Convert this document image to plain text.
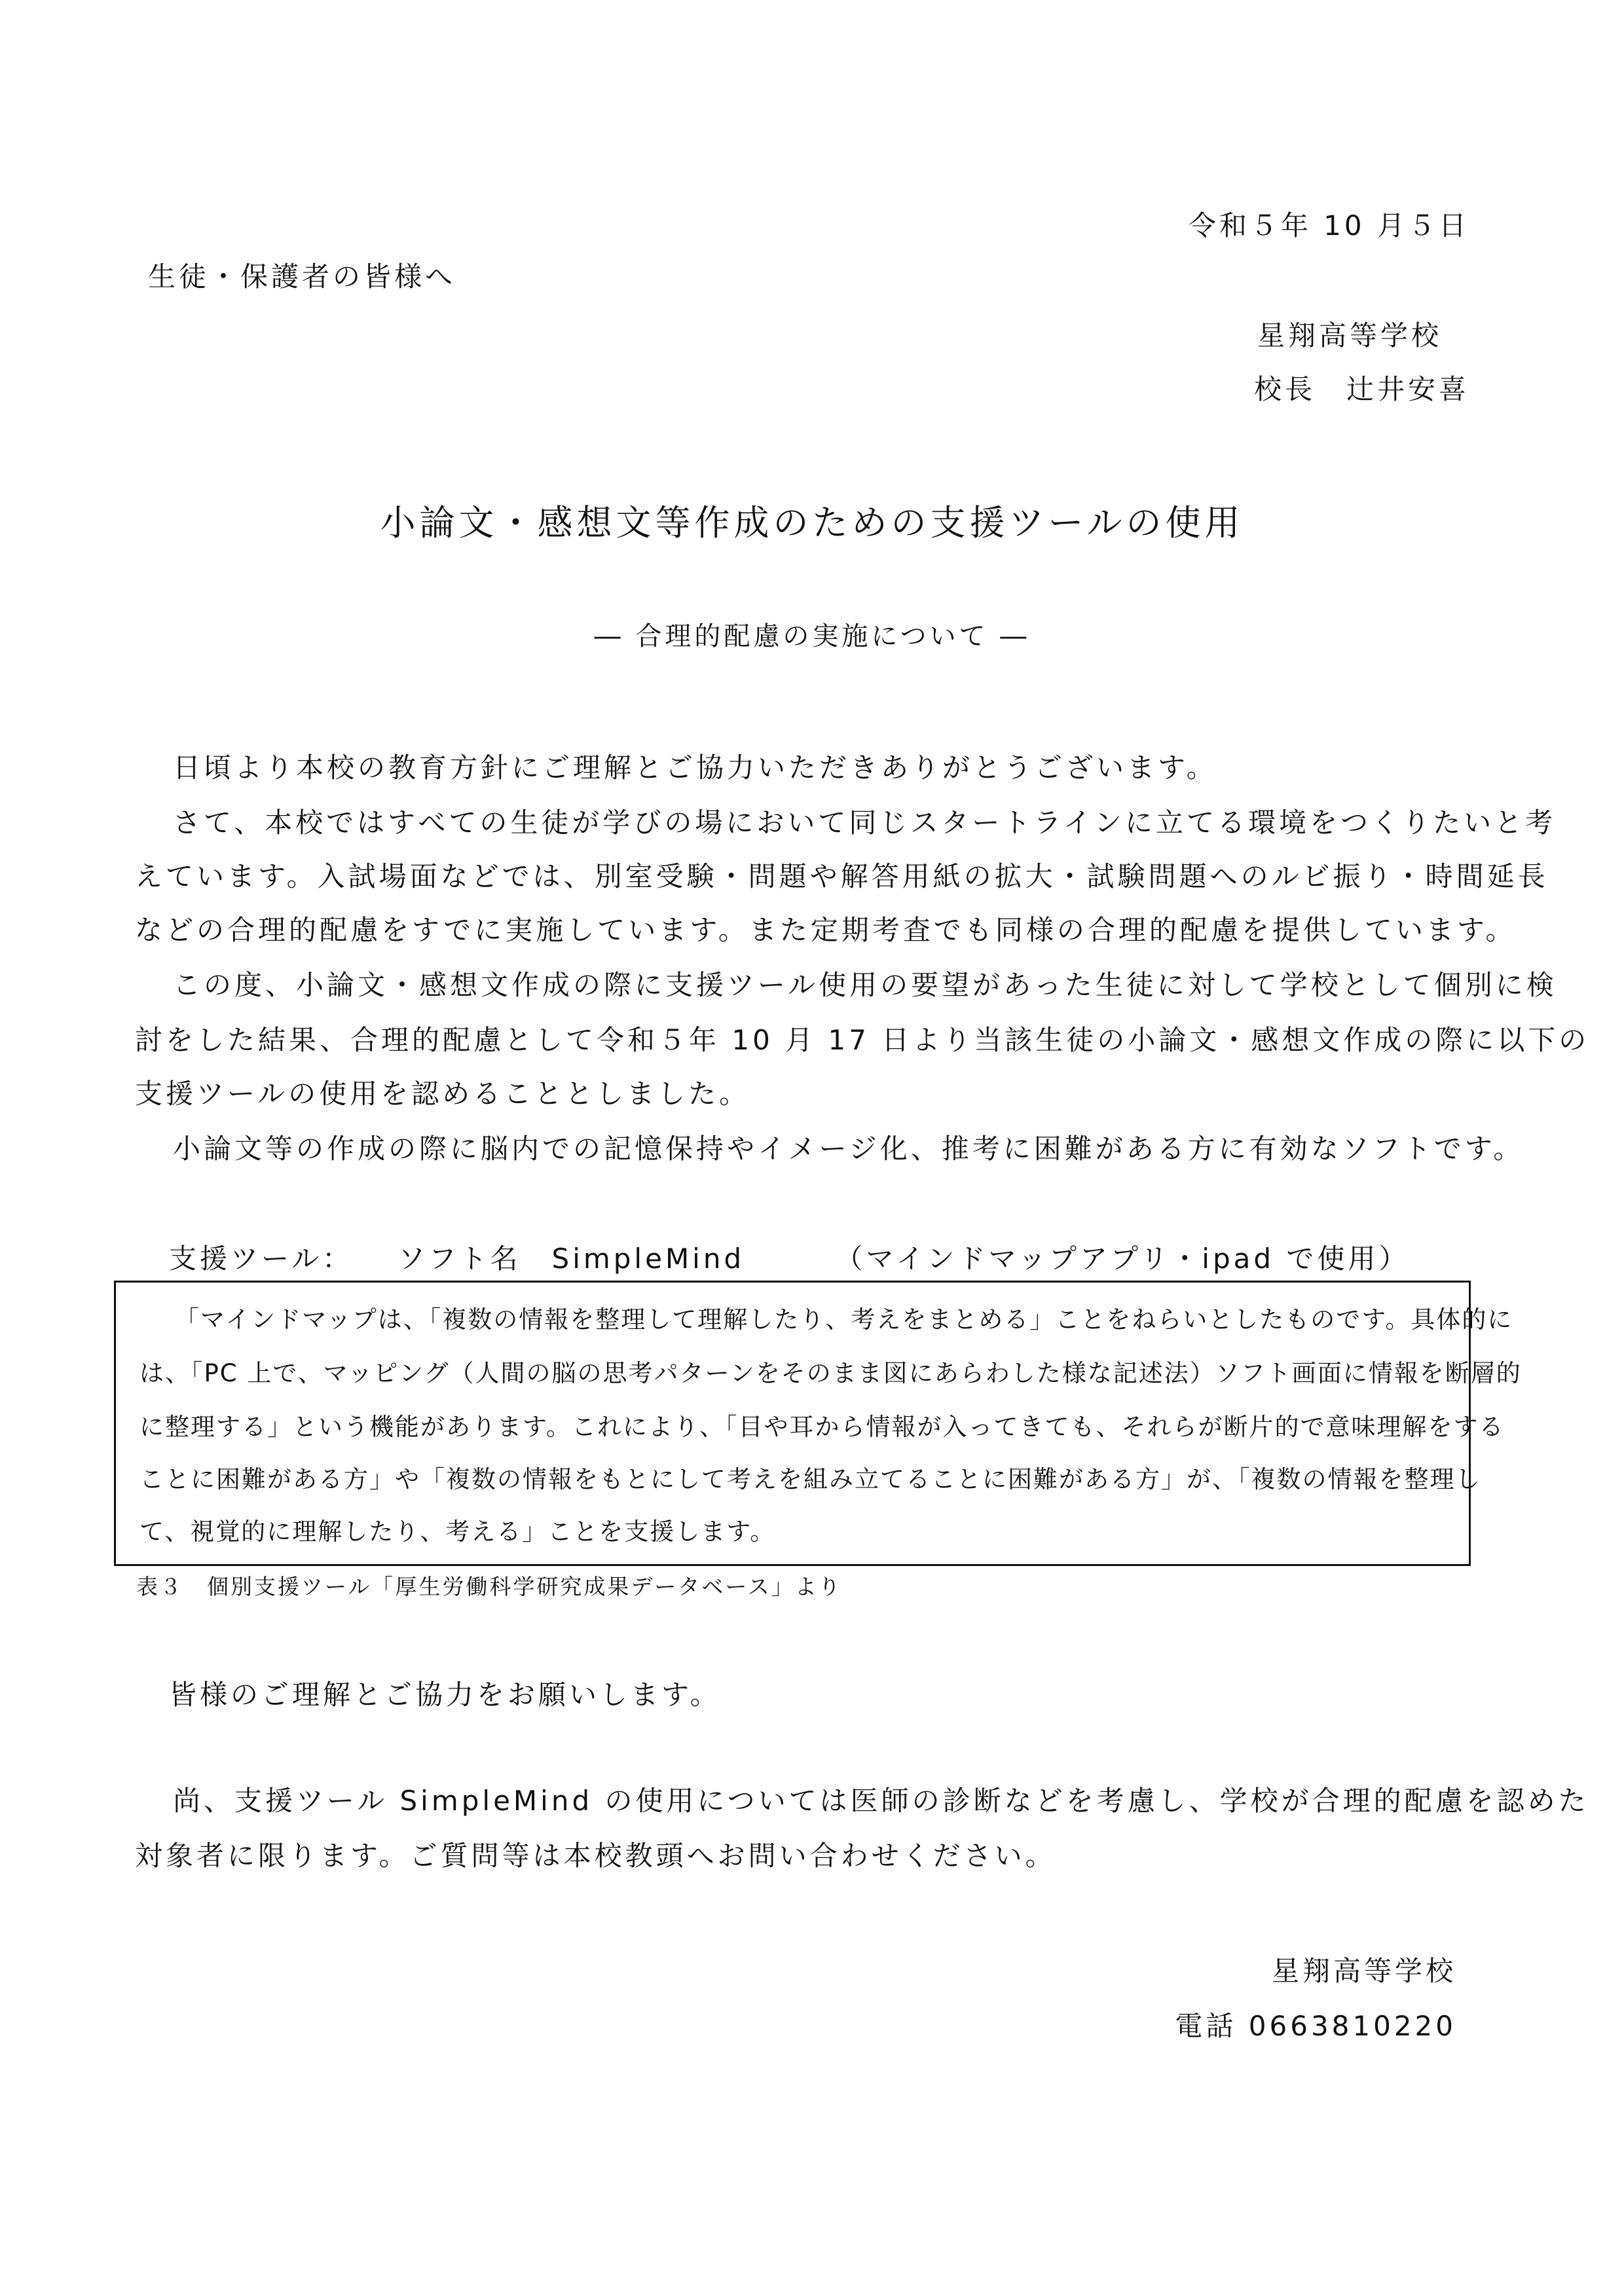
令和５年 10 月５日
生徒・保護者の皆様へ
星翔高等学校
校長　辻井安喜
小論文・感想文等作成のための支援ツールの使用
― 合理的配慮の実施について ―
日頃より本校の教育方針にご理解とご協力いただきありがとうございます。
さて、本校ではすべての生徒が学びの場において同じスタートラインに立てる環境をつくりたいと考
えています。入試場面などでは、別室受験・問題や解答用紙の拡大・試験問題へのルビ振り・時間延長
などの合理的配慮をすでに実施しています。また定期考査でも同様の合理的配慮を提供しています。
この度、小論文・感想文作成の際に支援ツール使用の要望があった生徒に対して学校として個別に検
討をした結果、合理的配慮として令和５年 10 月 17 日より当該生徒の小論文・感想文作成の際に以下の
支援ツールの使用を認めることとしました。
小論文等の作成の際に脳内での記憶保持やイメージ化、推考に困難がある方に有効なソフトです。
支援ツール： ソフト名　SimpleMind	（マインドマップアプリ・ipad で使用）
「マインドマップは、「複数の情報を整理して理解したり、考えをまとめる」ことをねらいとしたものです。具体的に
は、「PC 上で、マッピング（人間の脳の思考パターンをそのまま図にあらわした様な記述法）ソフト画面に情報を断層的
に整理する」という機能があります。これにより、「目や耳から情報が入ってきても、それらが断片的で意味理解をする
ことに困難がある方」や「複数の情報をもとにして考えを組み立てることに困難がある方」が、「複数の情報を整理し
て、視覚的に理解したり、考える」ことを支援します。
表３　個別支援ツール「厚生労働科学研究成果データベース」より
皆様のご理解とご協力をお願いします。
尚、支援ツール SimpleMind の使用については医師の診断などを考慮し、学校が合理的配慮を認めた
対象者に限ります。ご質問等は本校教頭へお問い合わせください。
星翔高等学校
電話 0663810220
